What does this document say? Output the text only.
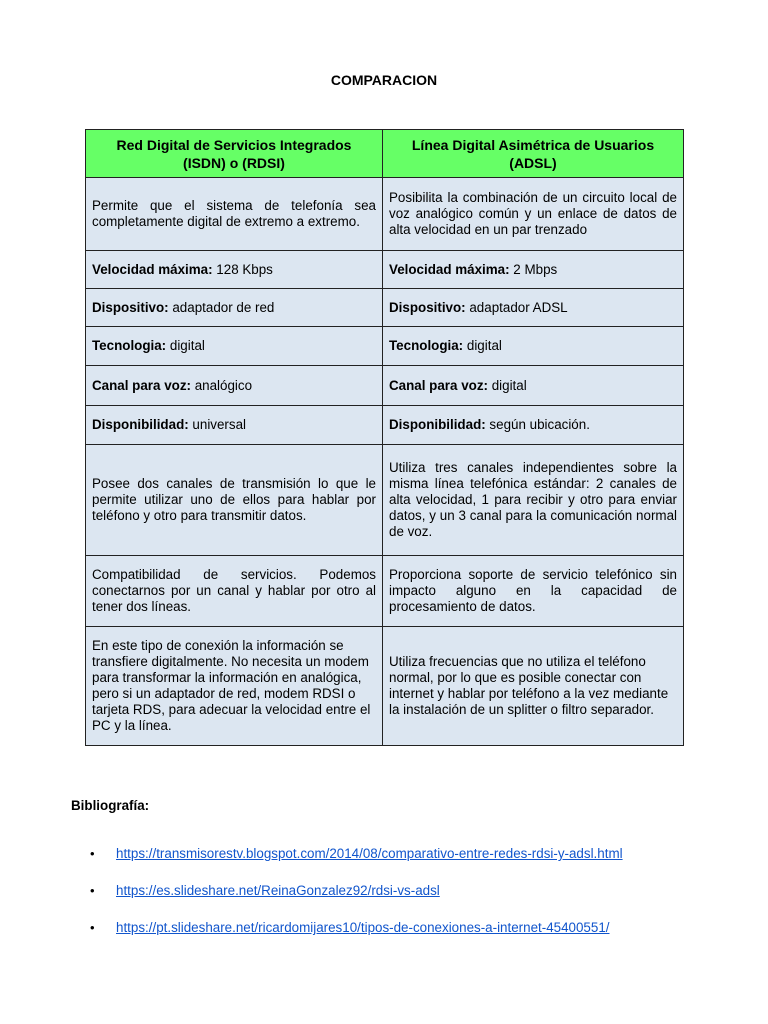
COMPARACION
Red Digital de Servicios Integrados (ISDN) o (RDSI)	Línea Digital Asimétrica de Usuarios (ADSL)
Permite que el sistema de telefonía sea completamente digital de extremo a extremo.	Posibilita la combinación de un circuito local de voz analógico común y un enlace de datos de alta velocidad en un par trenzado
Velocidad máxima: 128 Kbps	Velocidad máxima: 2 Mbps
Dispositivo: adaptador de red	Dispositivo: adaptador ADSL
Tecnologia: digital	Tecnologia: digital
Canal para voz: analógico	Canal para voz: digital
Disponibilidad: universal	Disponibilidad: según ubicación.
Posee dos canales de transmisión lo que le permite utilizar uno de ellos para hablar por teléfono y otro para transmitir datos.	Utiliza tres canales independientes sobre la misma línea telefónica estándar: 2 canales de alta velocidad, 1 para recibir y otro para enviar datos, y un 3 canal para la comunicación normal de voz.
Compatibilidad de servicios. Podemos conectarnos por un canal y hablar por otro al tener dos líneas.	Proporciona soporte de servicio telefónico sin impacto alguno en la capacidad de procesamiento de datos.
En este tipo de conexión la información se transfiere digitalmente. No necesita un modem para transformar la información en analógica, pero si un adaptador de red, modem RDSI o tarjeta RDS, para adecuar la velocidad entre el PC y la línea.	Utiliza frecuencias que no utiliza el teléfono normal, por lo que es posible conectar con internet y hablar por teléfono a la vez mediante la instalación de un splitter o filtro separador.
Bibliografía:
• https://transmisorestv.blogspot.com/2014/08/comparativo-entre-redes-rdsi-y-adsl.html
• https://es.slideshare.net/ReinaGonzalez92/rdsi-vs-adsl
• https://pt.slideshare.net/ricardomijares10/tipos-de-conexiones-a-internet-45400551/
